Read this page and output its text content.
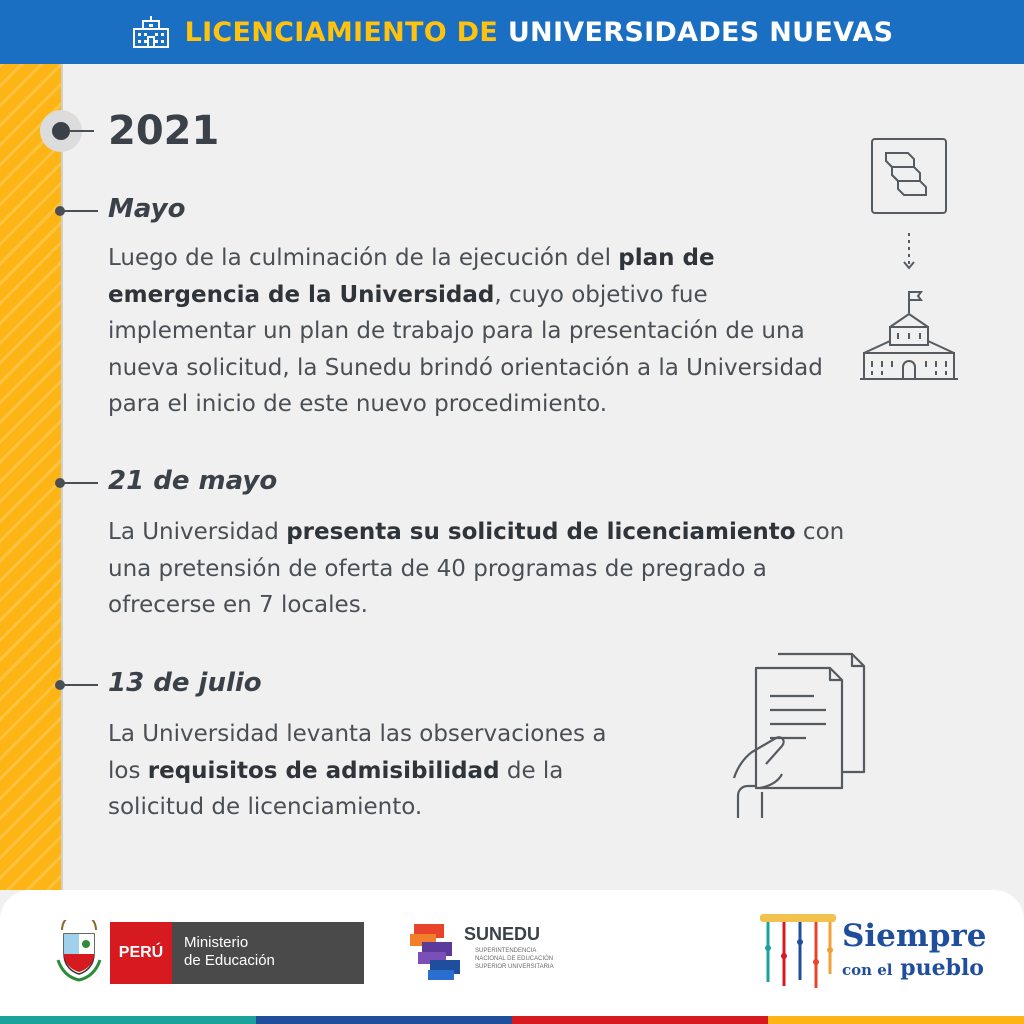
LICENCIAMIENTO DE UNIVERSIDADES NUEVAS
2021
Mayo
Luego de la culminación de la ejecución del plan de emergencia de la Universidad, cuyo objetivo fue implementar un plan de trabajo para la presentación de una nueva solicitud, la Sunedu brindó orientación a la Universidad para el inicio de este nuevo procedimiento.
21 de mayo
La Universidad presenta su solicitud de licenciamiento con una pretensión de oferta de 40 programas de pregrado a ofrecerse en 7 locales.
13 de julio
La Universidad levanta las observaciones a los requisitos de admisibilidad de la solicitud de licenciamiento.
PERÚ
Ministerio
de Educación
SUNEDU
SUPERINTENDENCIA NACIONAL DE EDUCACIÓN SUPERIOR UNIVERSITARIA
Siempre
con el pueblo
